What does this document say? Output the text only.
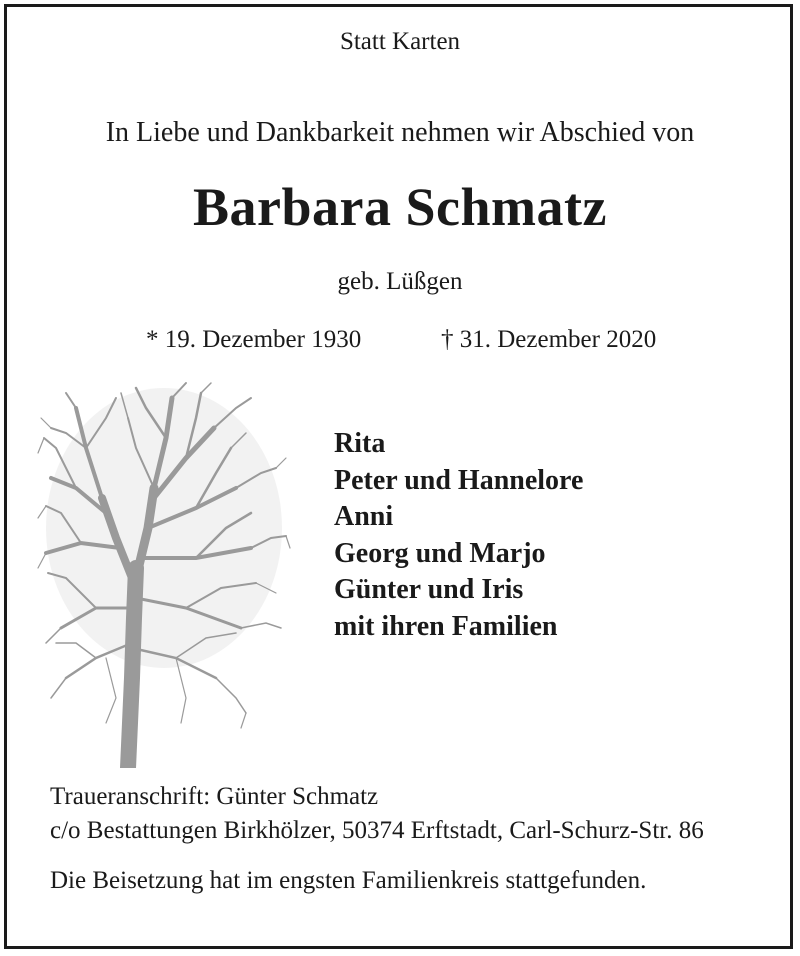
Statt Karten
In Liebe und Dankbarkeit nehmen wir Abschied von
Barbara Schmatz
geb. Lüßgen
* 19. Dezember 1930	† 31. Dezember 2020
Rita
Peter und Hannelore
Anni
Georg und Marjo
Günter und Iris
mit ihren Familien
Traueranschrift: Günter Schmatz
c/o Bestattungen Birkhölzer, 50374 Erftstadt, Carl-Schurz-Str. 86
Die Beisetzung hat im engsten Familienkreis stattgefunden.
